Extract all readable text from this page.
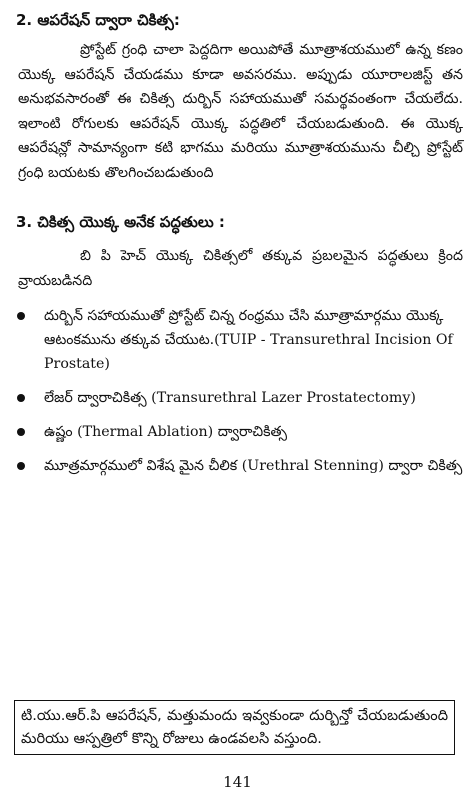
2. ఆపరేషన్ ద్వారా చికిత్స:
ప్రోస్టేట్ గ్రంధి చాలా పెద్దదిగా అయిపోతే మూత్రాశయములో ఉన్న కణం యొక్క ఆపరేషన్ చేయడము కూడా అవసరము. అప్పుడు యూరాలజిస్ట్ తన అనుభవసారంతో ఈ చికిత్స దుర్బిన్ సహాయముతో సమర్థవంతంగా చేయలేదు. ఇలాంటి రోగులకు ఆపరేషన్ యొక్క పద్ధతిలో చేయబడుతుంది. ఈ యొక్క ఆపరేషన్లో సామాన్యంగా కటి భాగము మరియు మూత్రాశయమును చీల్చి ప్రోస్టేట్ గ్రంధి బయటకు తొలగించబడుతుంది
3. చికిత్స యొక్క అనేక పద్ధతులు :
బి పి హెచ్ యొక్క చికిత్సలో తక్కువ ప్రబలమైన పద్ధతులు క్రింద వ్రాయబడినది
దుర్బిన్ సహాయముతో ప్రోస్టేట్ చిన్న రంధ్రము చేసి మూత్రామార్గము యొక్క ఆటంకమును తక్కువ చేయుట.(TUIP - Transurethral Incision Of Prostate)
లేజర్ ద్వారాచికిత్స (Transurethral Lazer Prostatectomy)
ఉష్ణం (Thermal Ablation) ద్వారాచికిత్స
మూత్రమార్గములో విశేష మైన చీలిక (Urethral Stenning) ద్వారా చికిత్స
టి.యు.ఆర్.పి ఆపరేషన్, మత్తుమందు ఇవ్వకుండా దుర్బిన్తో చేయబడుతుంది మరియు ఆస్పత్రిలో కొన్ని రోజులు ఉండవలసి వస్తుంది.
141
